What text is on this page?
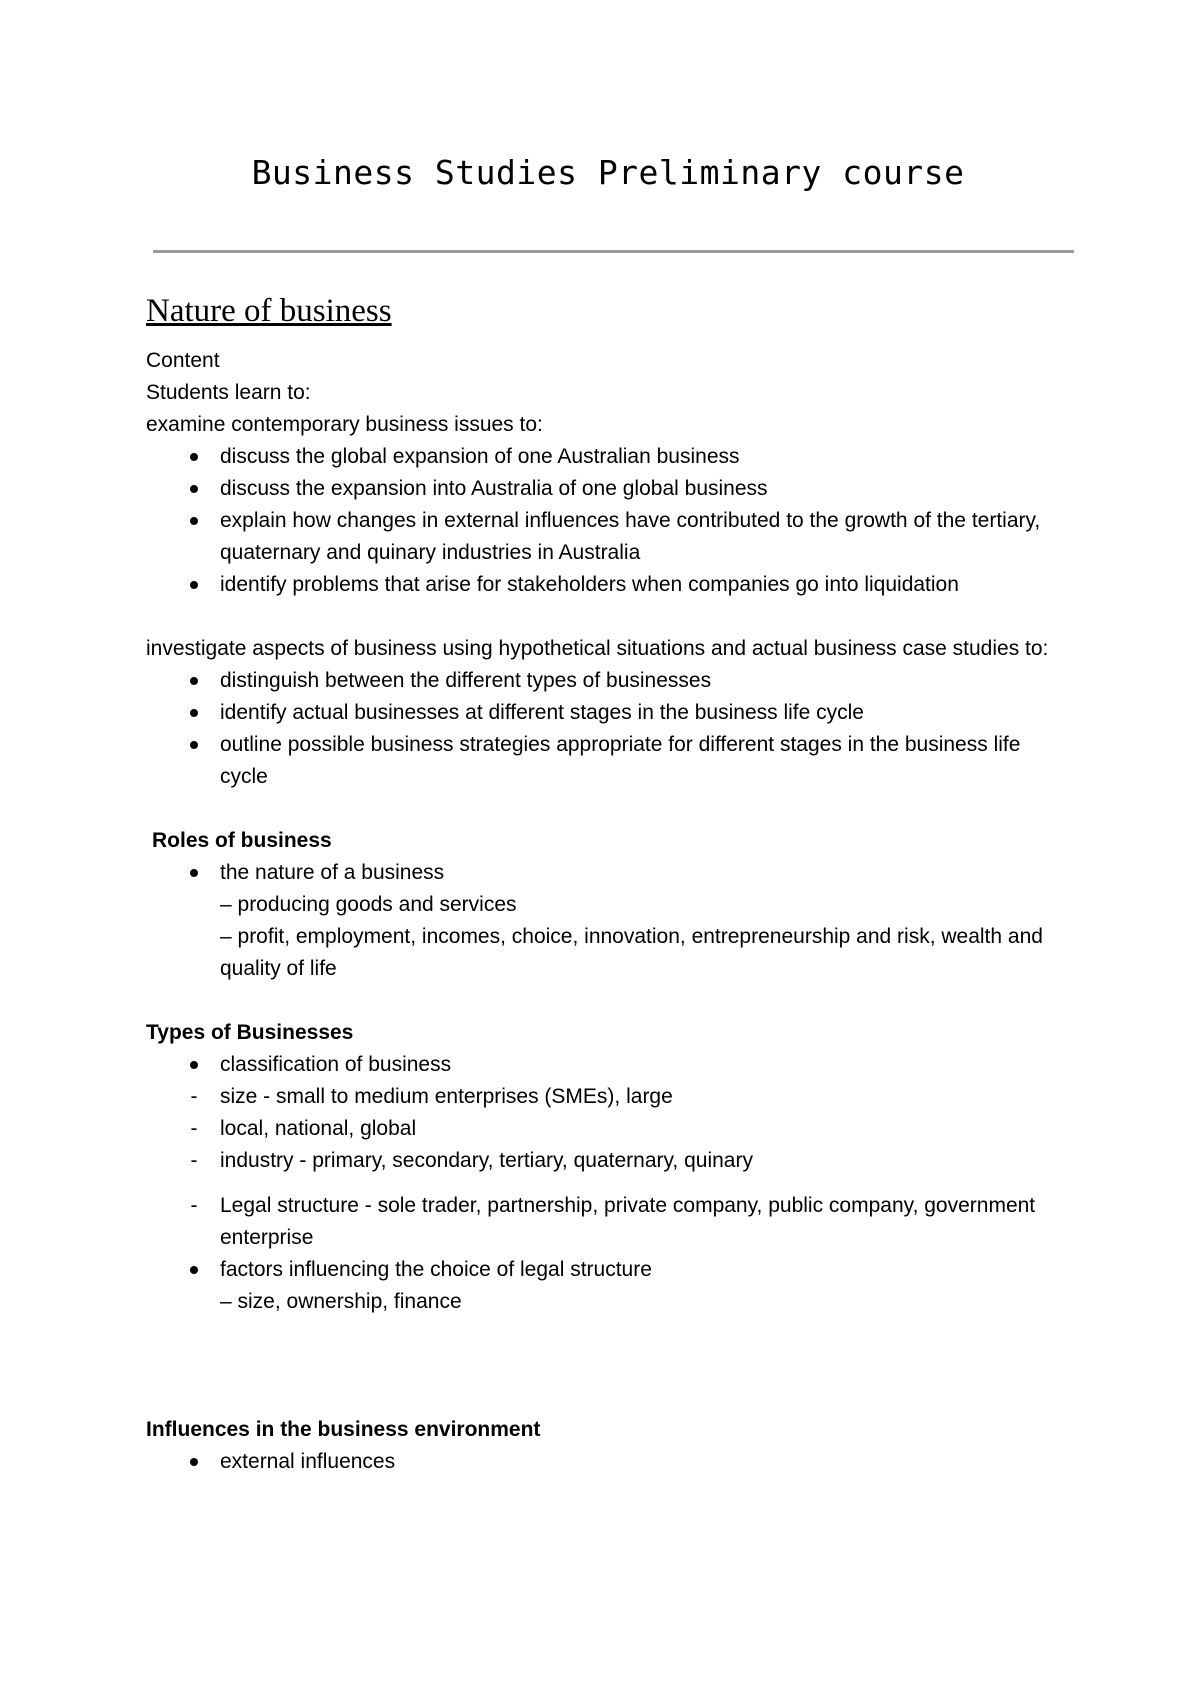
Business Studies Preliminary course
Nature of business

Content

Students learn to:

examine contemporary business issues to:

discuss the global expansion of one Australian business
discuss the expansion into Australia of one global business
explain how changes in external influences have contributed to the growth of the tertiary, quaternary and quinary industries in Australia
identify problems that arise for stakeholders when companies go into liquidation

investigate aspects of business using hypothetical situations and actual business case studies to:

distinguish between the different types of businesses
identify actual businesses at different stages in the business life cycle
outline possible business strategies appropriate for different stages in the business life cycle

Roles of business

the nature of a business
– producing goods and services
– profit, employment, incomes, choice, innovation, entrepreneurship and risk, wealth and quality of life

Types of Businesses

classification of business
-	size - small to medium enterprises (SMEs), large
-	local, national, global
-	industry - primary, secondary, tertiary, quaternary, quinary
-	Legal structure - sole trader, partnership, private company, public company, government enterprise
factors influencing the choice of legal structure
– size, ownership, finance

Influences in the business environment

external influences
